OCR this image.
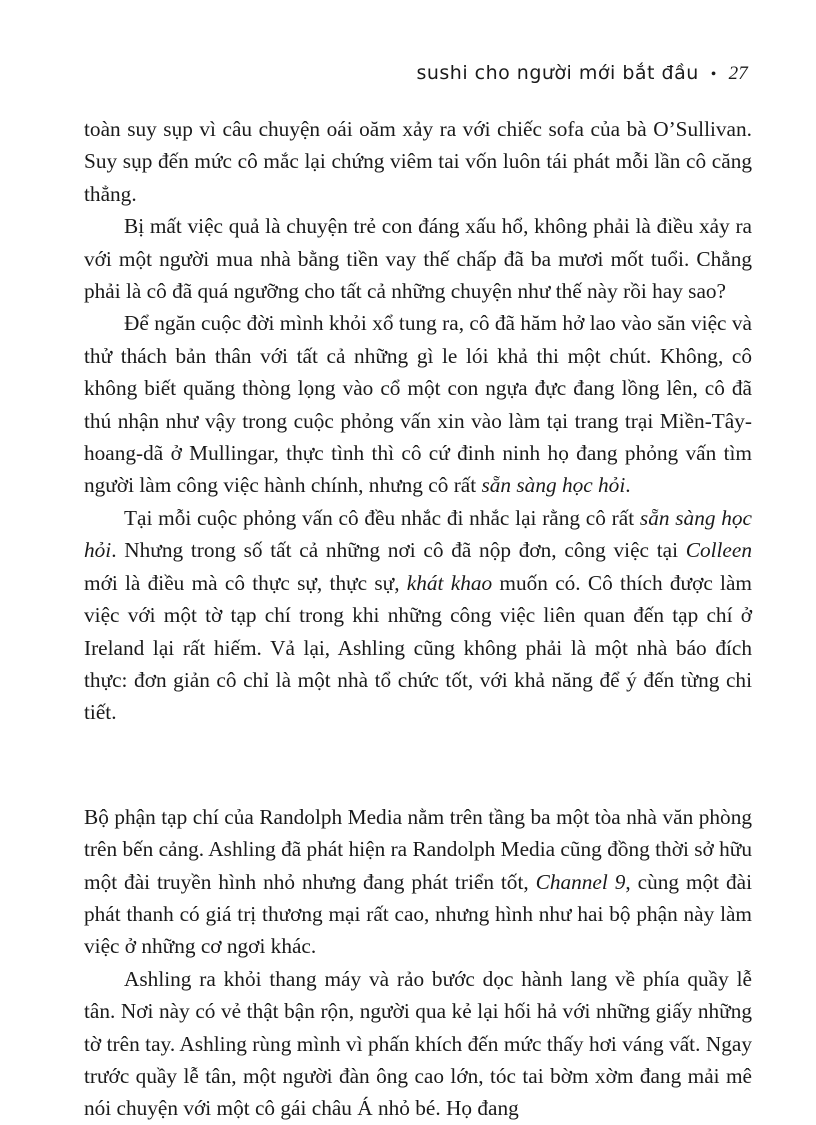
sushi cho người mới bắt đầu • 27

toàn suy sụp vì câu chuyện oái oăm xảy ra với chiếc sofa của bà O’Sullivan. Suy sụp đến mức cô mắc lại chứng viêm tai vốn luôn tái phát mỗi lần cô căng thẳng.

Bị mất việc quả là chuyện trẻ con đáng xấu hổ, không phải là điều xảy ra với một người mua nhà bằng tiền vay thế chấp đã ba mươi mốt tuổi. Chẳng phải là cô đã quá ngưỡng cho tất cả những chuyện như thế này rồi hay sao?

Để ngăn cuộc đời mình khỏi xổ tung ra, cô đã hăm hở lao vào săn việc và thử thách bản thân với tất cả những gì le lói khả thi một chút. Không, cô không biết quăng thòng lọng vào cổ một con ngựa đực đang lồng lên, cô đã thú nhận như vậy trong cuộc phỏng vấn xin vào làm tại trang trại Miền-Tây-hoang-dã ở Mullingar, thực tình thì cô cứ đinh ninh họ đang phỏng vấn tìm người làm công việc hành chính, nhưng cô rất sẵn sàng học hỏi.

Tại mỗi cuộc phỏng vấn cô đều nhắc đi nhắc lại rằng cô rất sẵn sàng học hỏi. Nhưng trong số tất cả những nơi cô đã nộp đơn, công việc tại Colleen mới là điều mà cô thực sự, thực sự, khát khao muốn có. Cô thích được làm việc với một tờ tạp chí trong khi những công việc liên quan đến tạp chí ở Ireland lại rất hiếm. Vả lại, Ashling cũng không phải là một nhà báo đích thực: đơn giản cô chỉ là một nhà tổ chức tốt, với khả năng để ý đến từng chi tiết.

Bộ phận tạp chí của Randolph Media nằm trên tầng ba một tòa nhà văn phòng trên bến cảng. Ashling đã phát hiện ra Randolph Media cũng đồng thời sở hữu một đài truyền hình nhỏ nhưng đang phát triển tốt, Channel 9, cùng một đài phát thanh có giá trị thương mại rất cao, nhưng hình như hai bộ phận này làm việc ở những cơ ngơi khác.

Ashling ra khỏi thang máy và rảo bước dọc hành lang về phía quầy lễ tân. Nơi này có vẻ thật bận rộn, người qua kẻ lại hối hả với những giấy những tờ trên tay. Ashling rùng mình vì phấn khích đến mức thấy hơi váng vất. Ngay trước quầy lễ tân, một người đàn ông cao lớn, tóc tai bờm xờm đang mải mê nói chuyện với một cô gái châu Á nhỏ bé. Họ đang
